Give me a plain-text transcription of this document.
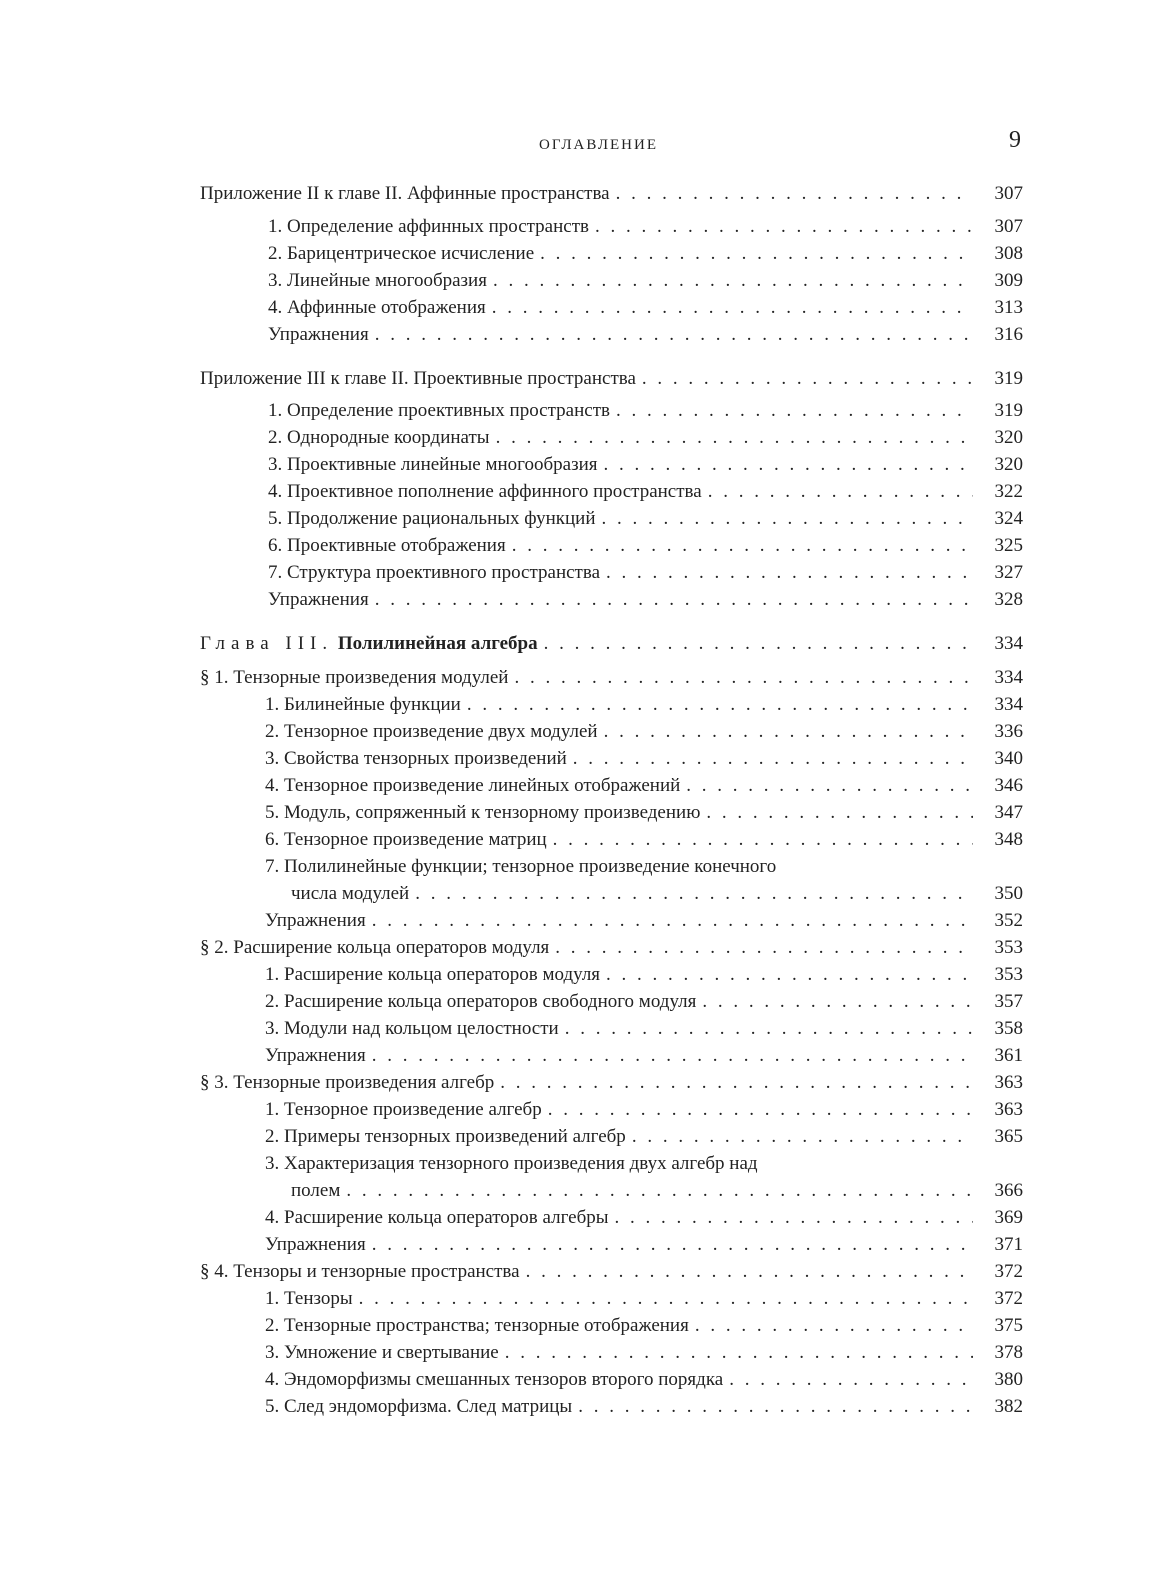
ОГЛАВЛЕНИЕ	9
Приложение II к главе II. Аффинные пространства . . .	307
1. Определение аффинных пространств . . .	307
2. Барицентрическое исчисление . . .	308
3. Линейные многообразия . . .	309
4. Аффинные отображения . . .	313
Упражнения . . .	316
Приложение III к главе II. Проективные пространства . . .	319
1. Определение проективных пространств . . .	319
2. Однородные координаты . . .	320
3. Проективные линейные многообразия . . .	320
4. Проективное пополнение аффинного пространства . . .	322
5. Продолжение рациональных функций . . .	324
6. Проективные отображения . . .	325
7. Структура проективного пространства . . .	327
Упражнения . . .	328
Глава III. Полилинейная алгебра . . .	334
§ 1. Тензорные произведения модулей . . .	334
1. Билинейные функции . . .	334
2. Тензорное произведение двух модулей . . .	336
3. Свойства тензорных произведений . . .	340
4. Тензорное произведение линейных отображений . . .	346
5. Модуль, сопряженный к тензорному произведению . . .	347
6. Тензорное произведение матриц . . .	348
7. Полилинейные функции; тензорное произведение конечного
числа модулей . . .	350
Упражнения . . .	352
§ 2. Расширение кольца операторов модуля . . .	353
1. Расширение кольца операторов модуля . . .	353
2. Расширение кольца операторов свободного модуля . . .	357
3. Модули над кольцом целостности . . .	358
Упражнения . . .	361
§ 3. Тензорные произведения алгебр . . .	363
1. Тензорное произведение алгебр . . .	363
2. Примеры тензорных произведений алгебр . . .	365
3. Характеризация тензорного произведения двух алгебр над
полем . . .	366
4. Расширение кольца операторов алгебры . . .	369
Упражнения . . .	371
§ 4. Тензоры и тензорные пространства . . .	372
1. Тензоры . . .	372
2. Тензорные пространства; тензорные отображения . . .	375
3. Умножение и свертывание . . .	378
4. Эндоморфизмы смешанных тензоров второго порядка . . .	380
5. След эндоморфизма. След матрицы . . .	382
